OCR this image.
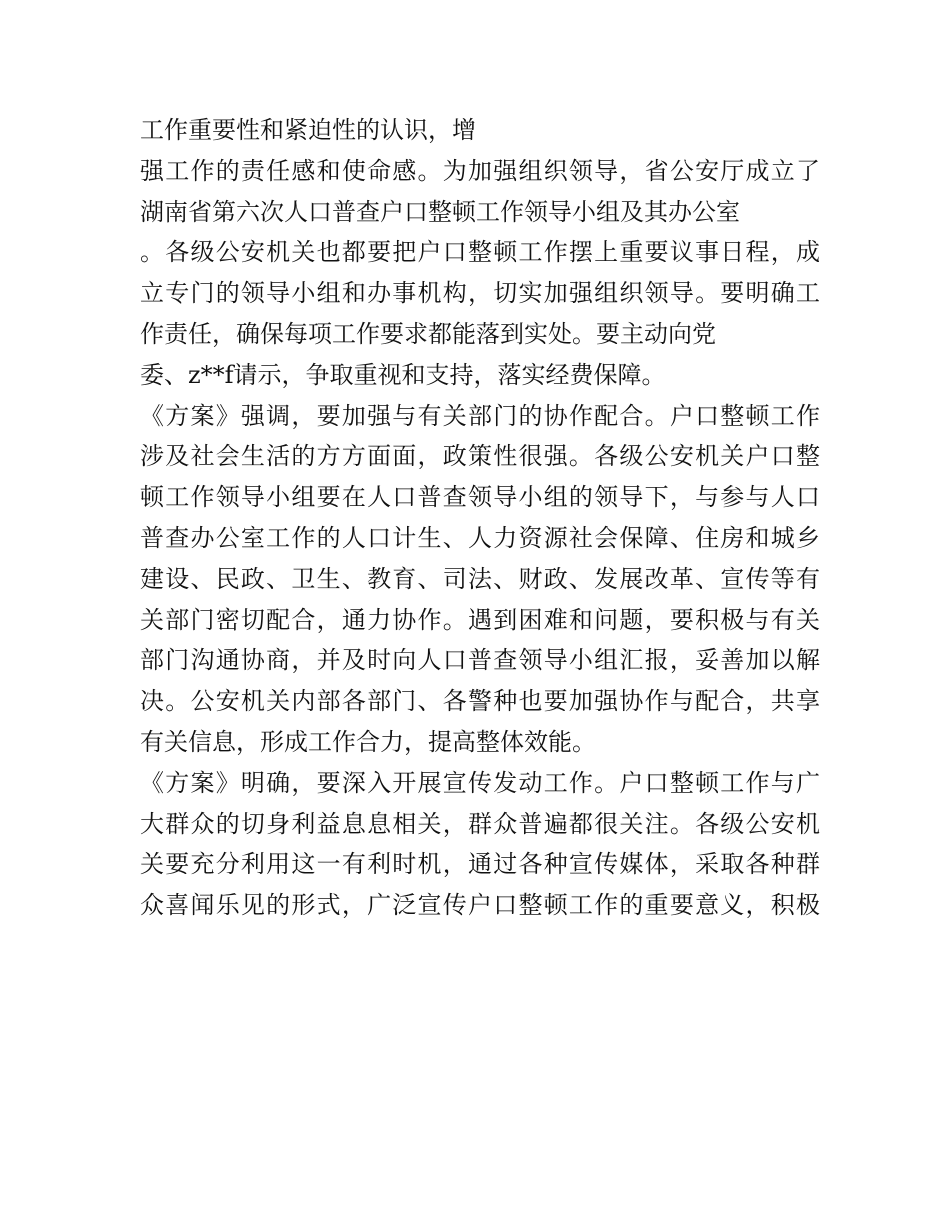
工作重要性和紧迫性的认识，增
强工作的责任感和使命感。为加强组织领导，省公安厅成立了
湖南省第六次人口普查户口整顿工作领导小组及其办公室
。各级公安机关也都要把户口整顿工作摆上重要议事日程，成
立专门的领导小组和办事机构，切实加强组织领导。要明确工
作责任，确保每项工作要求都能落到实处。要主动向党
委、z**f请示，争取重视和支持，落实经费保障。
《方案》强调，要加强与有关部门的协作配合。户口整顿工作
涉及社会生活的方方面面，政策性很强。各级公安机关户口整
顿工作领导小组要在人口普查领导小组的领导下，与参与人口
普查办公室工作的人口计生、人力资源社会保障、住房和城乡
建设、民政、卫生、教育、司法、财政、发展改革、宣传等有
关部门密切配合，通力协作。遇到困难和问题，要积极与有关
部门沟通协商，并及时向人口普查领导小组汇报，妥善加以解
决。公安机关内部各部门、各警种也要加强协作与配合，共享
有关信息，形成工作合力，提高整体效能。
《方案》明确，要深入开展宣传发动工作。户口整顿工作与广
大群众的切身利益息息相关，群众普遍都很关注。各级公安机
关要充分利用这一有利时机，通过各种宣传媒体，采取各种群
众喜闻乐见的形式，广泛宣传户口整顿工作的重要意义，积极
